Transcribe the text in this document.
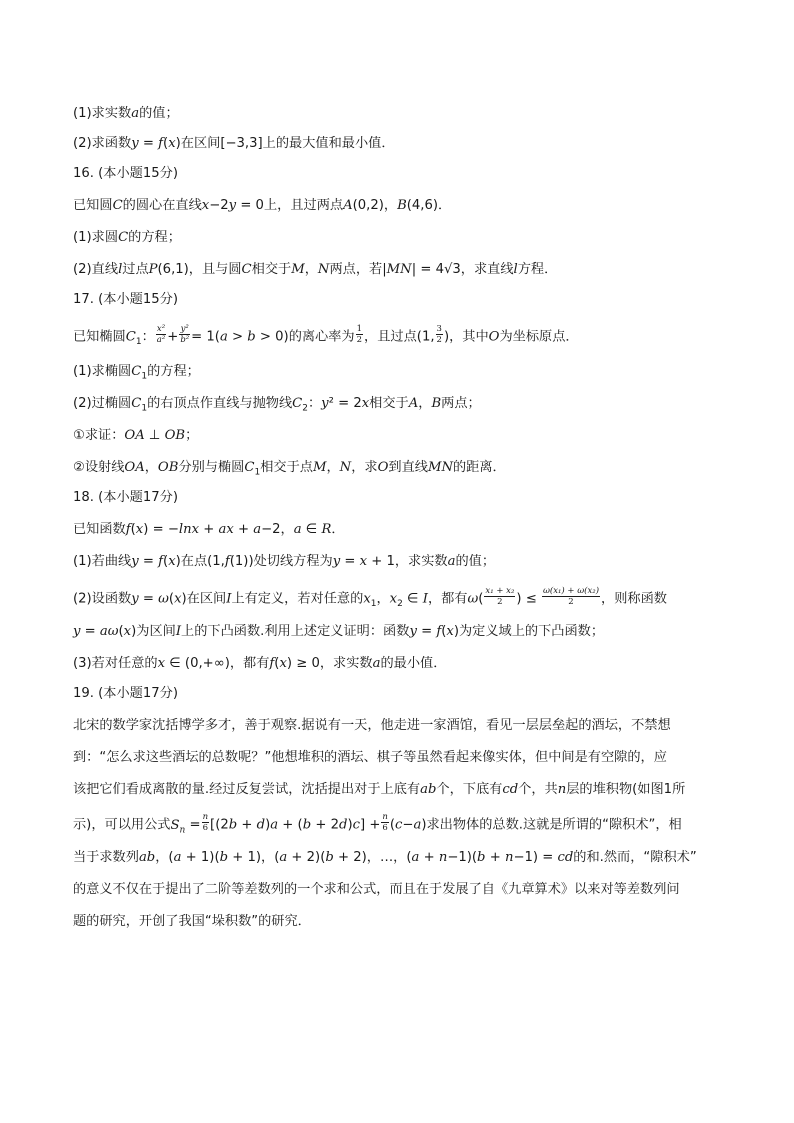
(1)求实数a的值；
(2)求函数y = f(x)在区间[−3,3]上的最大值和最小值．
16. (本小题15分)
已知圆C的圆心在直线x−2y = 0上，且过两点A(0,2)，B(4,6)．
(1)求圆C的方程；
(2)直线l过点P(6,1)，且与圆C相交于M，N两点，若|MN| = 4√3，求直线l方程．
17. (本小题15分)
已知椭圆$C_1$： $\frac{\text{x²}}{\text{a²}} + \frac{\text{y²}}{\text{b²}} = 1(a > b > 0)$的离心率为 $\frac{1}{2}$ ，且过点(1, $\frac{3}{2}$ )，其中O为坐标原点．
(1)求椭圆$C_1$的方程；
(2)过椭圆$C_1$的右顶点作直线与抛物线$C_2$：y² = 2x相交于A，B两点；
①求证：OA ⊥ OB；
②设射线OA，OB分别与椭圆$C_1$相交于点M，N，求O到直线MN的距离．
18. (本小题17分)
已知函数f(x) = −lnx + ax + a−2，a ∈ R．
(1)若曲线y = f(x)在点(1,f(1))处切线方程为y = x + 1，求实数a的值；
(2)设函数y = ω(x)在区间I上有定义，若对任意的$x_1$，$x_2$ ∈ I，都有$\omega( \frac{\text{x₁ + x₂}}{2}$ ) ≤ $\frac{\text{ω(x₁) + ω(x₂)}}{2}$ ，则称函数
y = aω(x)为区间I上的下凸函数.利用上述定义证明：函数y = f(x)为定义域上的下凸函数；
(3)若对任意的x ∈ (0,+∞)，都有f(x) ≥ 0，求实数a的最小值．
19. (本小题17分)
北宋的数学家沈括博学多才，善于观察.据说有一天，他走进一家酒馆，看见一层层垒起的酒坛，不禁想
到：“怎么求这些酒坛的总数呢？”他想堆积的酒坛、棋子等虽然看起来像实体，但中间是有空隙的，应
该把它们看成离散的量.经过反复尝试，沈括提出对于上底有ab个，下底有cd个，共n层的堆积物(如图1所
示)，可以用公式$S_n = \frac{n}{6} [(2b + d)a + (b + 2d)c] + \frac{n}{6} (c-a)$求出物体的总数.这就是所谓的“隙积术”，相
当于求数列ab，(a + 1)(b + 1)，(a + 2)(b + 2)，…，(a + n−1)(b + n−1) = cd的和.然而，“隙积术”
的意义不仅在于提出了二阶等差数列的一个求和公式，而且在于发展了自《九章算术》以来对等差数列问
题的研究，开创了我国“垛积数”的研究．
